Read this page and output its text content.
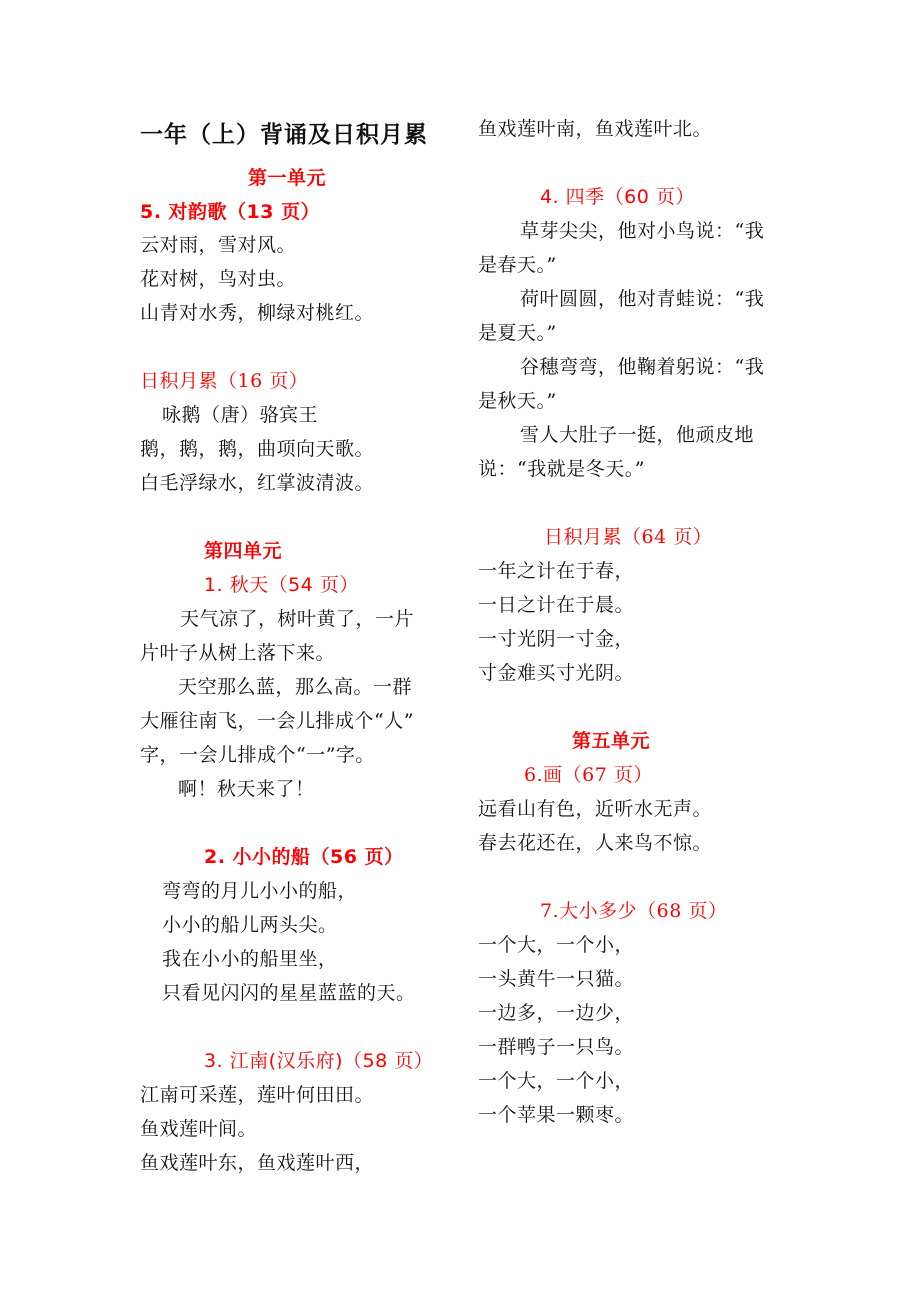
一年（上）背诵及日积月累
第一单元
5. 对韵歌（13 页）
云对雨，雪对风。
花对树，鸟对虫。
山青对水秀，柳绿对桃红。
日积月累（16 页）
咏鹅（唐）骆宾王
鹅，鹅，鹅，曲项向天歌。
白毛浮绿水，红掌波清波。
第四单元
1. 秋天（54 页）
天气凉了，树叶黄了，一片
片叶子从树上落下来。
天空那么蓝，那么高。一群
大雁往南飞，一会儿排成个“人”
字，一会儿排成个“一”字。
啊！秋天来了！
2. 小小的船（56 页）
弯弯的月儿小小的船，
小小的船儿两头尖。
我在小小的船里坐，
只看见闪闪的星星蓝蓝的天。
3. 江南(汉乐府)（58 页）
江南可采莲，莲叶何田田。
鱼戏莲叶间。
鱼戏莲叶东，鱼戏莲叶西，
鱼戏莲叶南，鱼戏莲叶北。
4. 四季（60 页）
草芽尖尖，他对小鸟说：“我
是春天。”
荷叶圆圆，他对青蛙说：“我
是夏天。”
谷穗弯弯，他鞠着躬说：“我
是秋天。”
雪人大肚子一挺，他顽皮地
说：“我就是冬天。”
日积月累（64 页）
一年之计在于春，
一日之计在于晨。
一寸光阴一寸金，
寸金难买寸光阴。
第五单元
6.画（67 页）
远看山有色，近听水无声。
春去花还在，人来鸟不惊。
7.大小多少（68 页）
一个大，一个小，
一头黄牛一只猫。
一边多，一边少，
一群鸭子一只鸟。
一个大，一个小，
一个苹果一颗枣。
